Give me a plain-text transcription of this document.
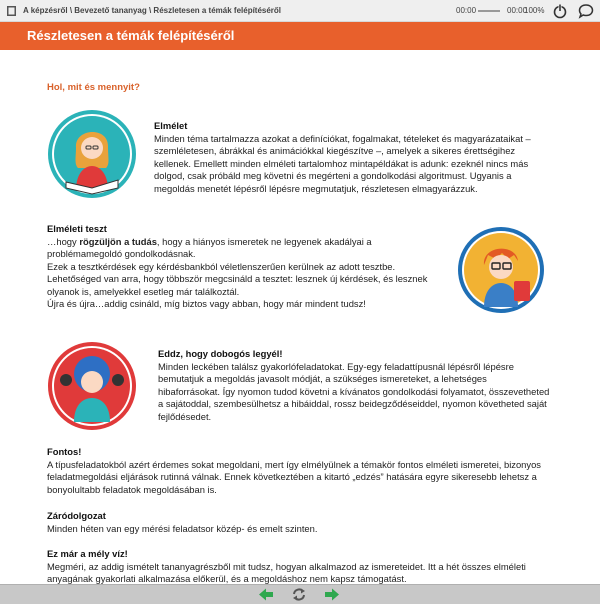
A képzésről \ Bevezető tananyag \ Részletesen a témák felépítéséről	00:00	00:00
100%
Részletesen a témák felépítéséről
Hol, mit és mennyit?

Elmélet

Minden téma tartalmazza azokat a definíciókat, fogalmakat, tételeket és magyarázataikat – szemléletesen, ábrákkal és animációkkal kiegészítve –, amelyek a sikeres érettségihez kellenek. Emellett minden elméleti tartalomhoz mintapéldákat is adunk: ezeknél nincs más dolgod, csak próbáld meg követni és megérteni a gondolkodási algoritmust. Ugyanis a megoldás menetét lépésről lépésre megmutatjuk, részletesen elmagyarázzuk.

Elméleti teszt

…hogy rögzüljön a tudás, hogy a hiányos ismeretek ne legyenek akadályai a problémamegoldó gondolkodásnak.

Ezek a tesztkérdések egy kérdésbankból véletlenszerűen kerülnek az adott tesztbe.

Lehetőséged van arra, hogy többször megcsináld a tesztet: lesznek új kérdések, és lesznek olyanok is, amelyekkel esetleg már találkoztál.

Újra és újra…addig csináld, míg biztos vagy abban, hogy már mindent tudsz!

Eddz, hogy dobogós legyél!

Minden leckében találsz gyakorlófeladatokat. Egy-egy feladattípusnál lépésről lépésre bemutatjuk a megoldás javasolt módját, a szükséges ismereteket, a lehetséges hibaforrásokat. Így nyomon tudod követni a kívánatos gondolkodási folyamatot, összevetheted a sajátoddal, szembesülhetsz a hibáiddal, rossz beidegződéseiddel, nyomon követheted saját fejlődésedet.

Fontos!

A típusfeladatokból azért érdemes sokat megoldani, mert így elmélyülnek a témakör fontos elméleti ismeretei, bizonyos feladatmegoldási eljárások rutinná válnak. Ennek következtében a kitartó „edzés” hatására egyre sikeresebb lehetsz a bonyolultabb feladatok megoldásában is.

Záródolgozat

Minden héten van egy mérési feladatsor közép- és emelt szinten.

Ez már a mély víz!

Megméri, az addig ismételt tananyagrészből mit tudsz, hogyan alkalmazod az ismereteidet. Itt a hét összes elméleti anyagának gyakorlati alkalmazása előkerül, és a megoldáshoz nem kapsz támogatást.
